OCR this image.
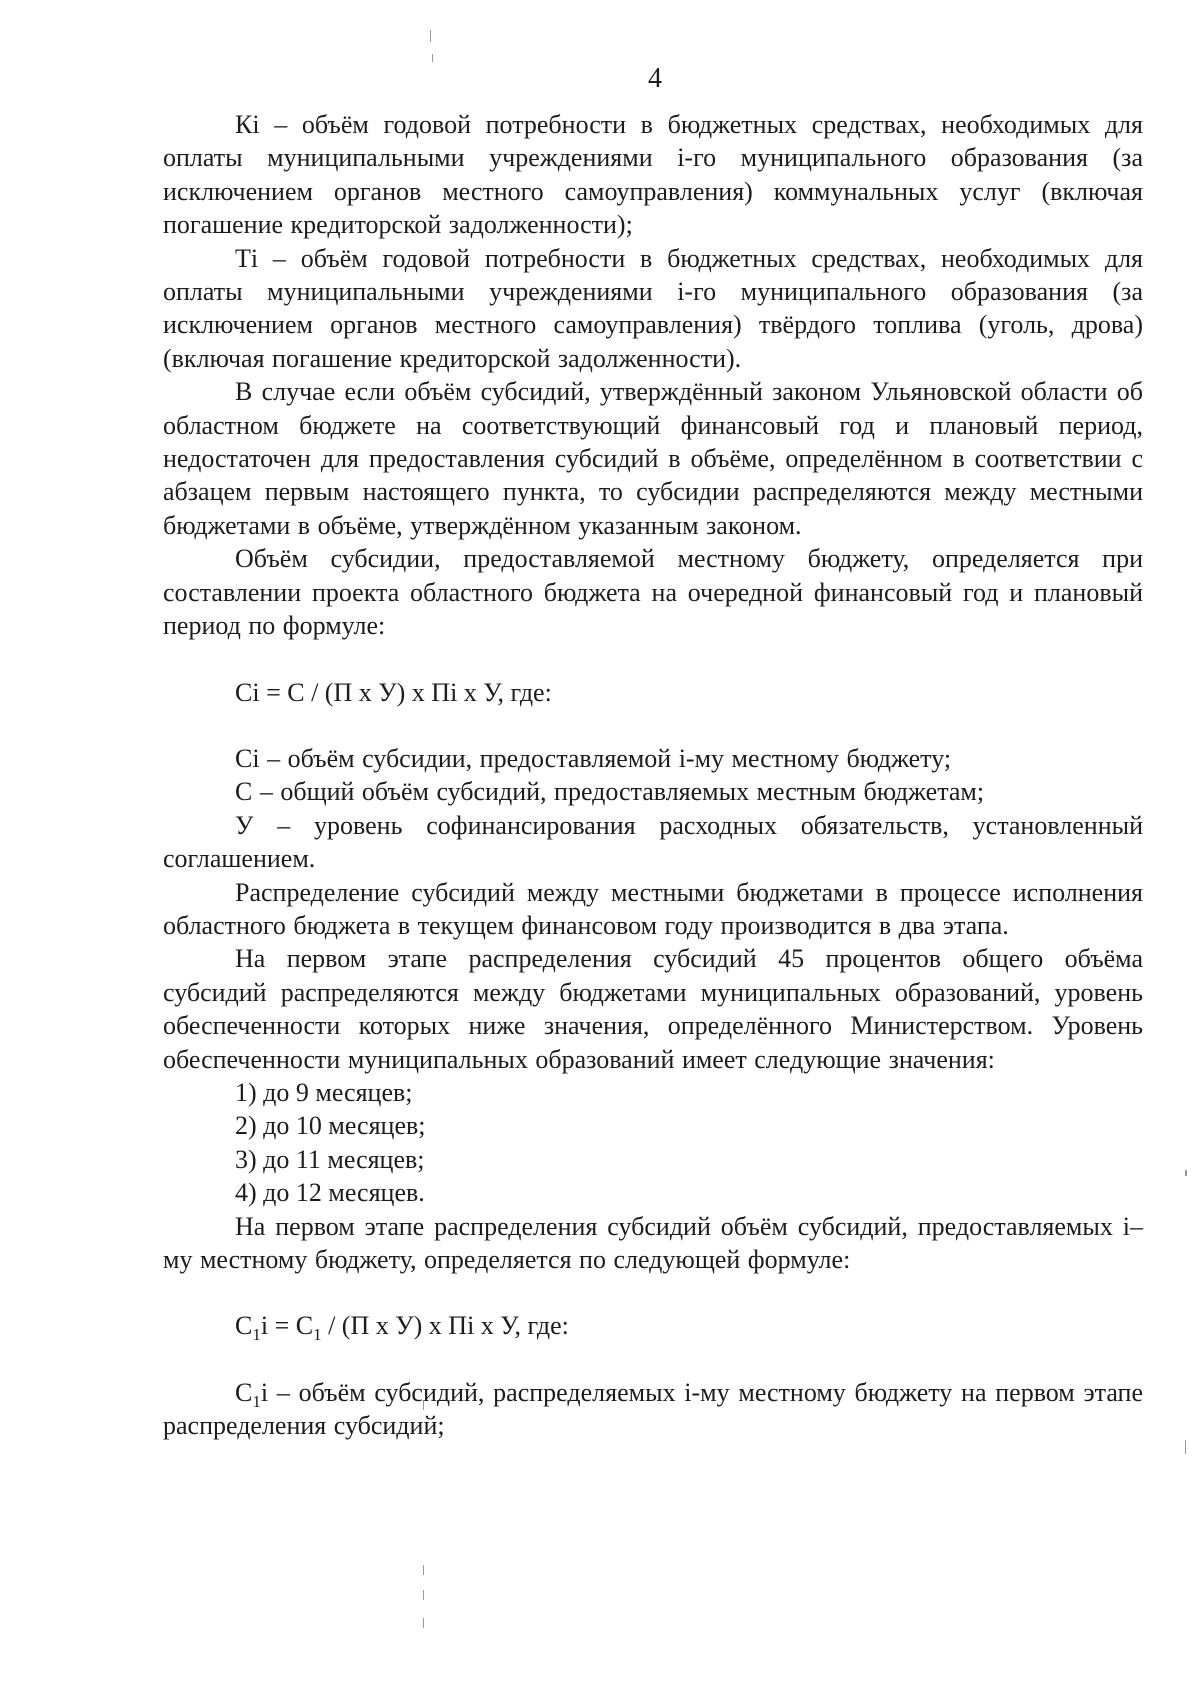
4

Кi – объём годовой потребности в бюджетных средствах, необходимых для оплаты муниципальными учреждениями i-го муниципального образования (за исключением органов местного самоуправления) коммунальных услуг (включая погашение кредиторской задолженности);

Тi – объём годовой потребности в бюджетных средствах, необходимых для оплаты муниципальными учреждениями i-го муниципального образования (за исключением органов местного самоуправления) твёрдого топлива (уголь, дрова) (включая погашение кредиторской задолженности).

В случае если объём субсидий, утверждённый законом Ульяновской области об областном бюджете на соответствующий финансовый год и плановый период, недостаточен для предоставления субсидий в объёме, определённом в соответствии с абзацем первым настоящего пункта, то субсидии распределяются между местными бюджетами в объёме, утверждённом указанным законом.

Объём субсидии, предоставляемой местному бюджету, определяется при составлении проекта областного бюджета на очередной финансовый год и плановый период по формуле:

Сi = С / (П х У) х Пi х У, где:

Сi – объём субсидии, предоставляемой i-му местному бюджету;

С – общий объём субсидий, предоставляемых местным бюджетам;

У – уровень софинансирования расходных обязательств, установленный соглашением.

Распределение субсидий между местными бюджетами в процессе исполнения областного бюджета в текущем финансовом году производится в два этапа.

На первом этапе распределения субсидий 45 процентов общего объёма субсидий распределяются между бюджетами муниципальных образований, уровень обеспеченности которых ниже значения, определённого Министерством. Уровень обеспеченности муниципальных образований имеет следующие значения:

1) до 9 месяцев;

2) до 10 месяцев;

3) до 11 месяцев;

4) до 12 месяцев.

На первом этапе распределения субсидий объём субсидий, предоставляемых i–му местному бюджету, определяется по следующей формуле:

$С_1i = С_1 / (П$ х У) х Пi х У, где:

$С_1i$ – объём субсидий, распределяемых i-му местному бюджету на первом этапе распределения субсидий;
